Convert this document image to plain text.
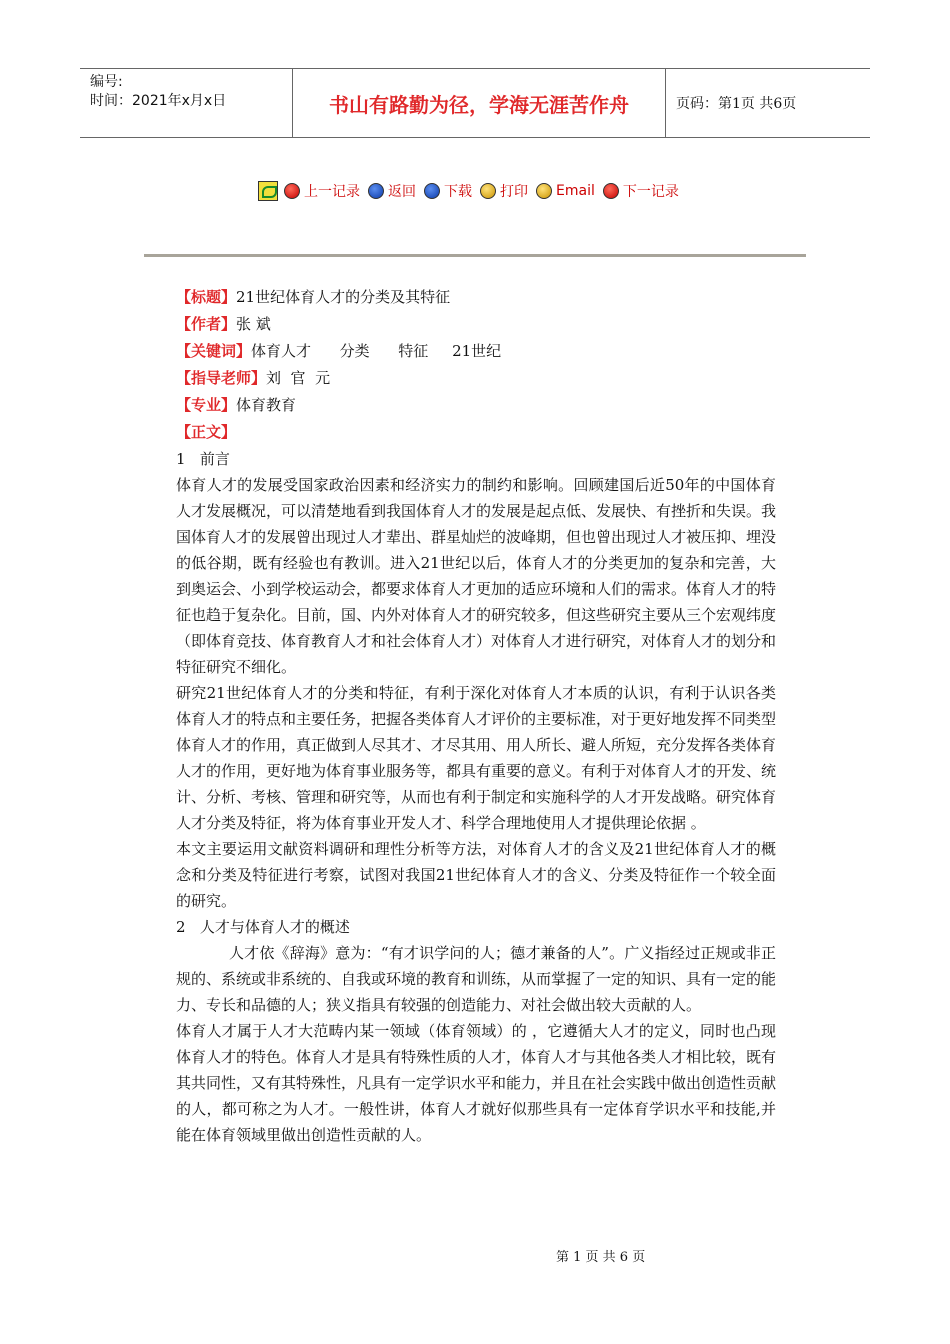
编号:
时间：2021年x月x日	书山有路勤为径，学海无涯苦作舟	页码：第1页 共6页
上一记录 返回 下载 打印 Email 下一记录
【标题】21世纪体育人才的分类及其特征
【作者】张 斌
【关键词】体育人才      分类      特征     21世纪
【指导老师】刘  官  元
【专业】体育教育
【正文】

1   前言

体育人才的发展受国家政治因素和经济实力的制约和影响。回顾建国后近50年的中国体育人才发展概况，可以清楚地看到我国体育人才的发展是起点低、发展快、有挫折和失误。我国体育人才的发展曾出现过人才辈出、群星灿烂的波峰期，但也曾出现过人才被压抑、埋没的低谷期，既有经验也有教训。进入21世纪以后，体育人才的分类更加的复杂和完善，大到奥运会、小到学校运动会，都要求体育人才更加的适应环境和人们的需求。体育人才的特征也趋于复杂化。目前，国、内外对体育人才的研究较多，但这些研究主要从三个宏观纬度（即体育竞技、体育教育人才和社会体育人才）对体育人才进行研究，对体育人才的划分和特征研究不细化。

研究21世纪体育人才的分类和特征，有利于深化对体育人才本质的认识，有利于认识各类体育人才的特点和主要任务，把握各类体育人才评价的主要标准，对于更好地发挥不同类型体育人才的作用，真正做到人尽其才、才尽其用、用人所长、避人所短，充分发挥各类体育人才的作用，更好地为体育事业服务等，都具有重要的意义。有利于对体育人才的开发、统计、分析、考核、管理和研究等，从而也有利于制定和实施科学的人才开发战略。研究体育人才分类及特征，将为体育事业开发人才、科学合理地使用人才提供理论依据 。

本文主要运用文献资料调研和理性分析等方法，对体育人才的含义及21世纪体育人才的概念和分类及特征进行考察，试图对我国21世纪体育人才的含义、分类及特征作一个较全面的研究。

2   人才与体育人才的概述

人才依《辞海》意为：“有才识学问的人；德才兼备的人”。广义指经过正规或非正规的、系统或非系统的、自我或环境的教育和训练，从而掌握了一定的知识、具有一定的能力、专长和品德的人；狭义指具有较强的创造能力、对社会做出较大贡献的人。

体育人才属于人才大范畴内某一领域（体育领域）的 ，它遵循大人才的定义，同时也凸现体育人才的特色。体育人才是具有特殊性质的人才，体育人才与其他各类人才相比较，既有其共同性，又有其特殊性，凡具有一定学识水平和能力，并且在社会实践中做出创造性贡献的人，都可称之为人才。一般性讲，体育人才就好似那些具有一定体育学识水平和技能,并能在体育领域里做出创造性贡献的人。

第 1 页 共 6 页
